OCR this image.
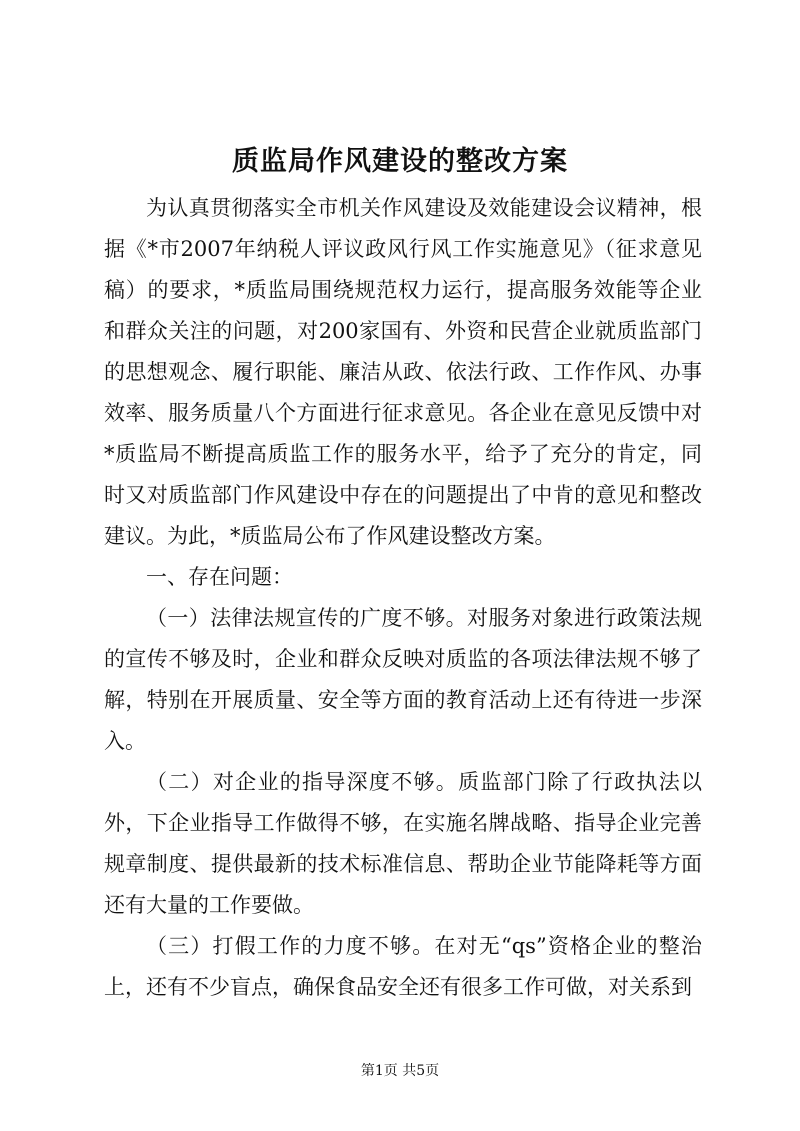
质监局作风建设的整改方案

为认真贯彻落实全市机关作风建设及效能建设会议精神，根据《*市2007年纳税人评议政风行风工作实施意见》（征求意见稿）的要求，*质监局围绕规范权力运行，提高服务效能等企业和群众关注的问题，对200家国有、外资和民营企业就质监部门的思想观念、履行职能、廉洁从政、依法行政、工作作风、办事效率、服务质量八个方面进行征求意见。各企业在意见反馈中对*质监局不断提高质监工作的服务水平，给予了充分的肯定，同时又对质监部门作风建设中存在的问题提出了中肯的意见和整改建议。为此，*质监局公布了作风建设整改方案。

一、存在问题：

（一）法律法规宣传的广度不够。对服务对象进行政策法规的宣传不够及时，企业和群众反映对质监的各项法律法规不够了解，特别在开展质量、安全等方面的教育活动上还有待进一步深入。

（二）对企业的指导深度不够。质监部门除了行政执法以外，下企业指导工作做得不够，在实施名牌战略、指导企业完善规章制度、提供最新的技术标准信息、帮助企业节能降耗等方面还有大量的工作要做。

（三）打假工作的力度不够。在对无“qs”资格企业的整治上，还有不少盲点，确保食品安全还有很多工作可做，对关系到

第1页 共5页
